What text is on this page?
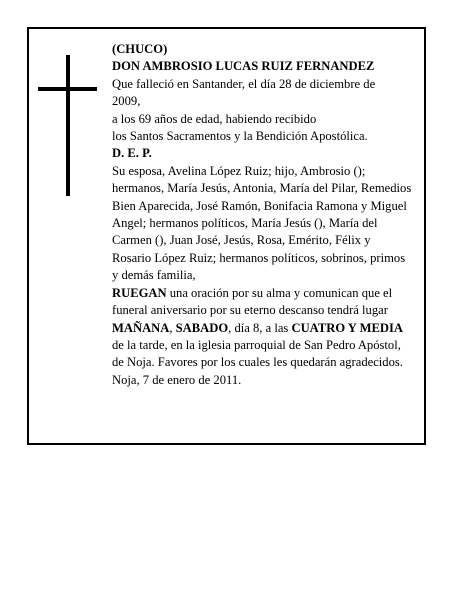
(CHUCO)

DON AMBROSIO LUCAS RUIZ FERNANDEZ

Que falleció en Santander, el día 28 de diciembre de

2009,

a los 69 años de edad, habiendo recibido

los Santos Sacramentos y la Bendición Apostólica.

D. E. P.

Su esposa, Avelina López Ruiz; hijo, Ambrosio (); hermanos, María Jesús, Antonia, María del Pilar, Remedios Bien Aparecida, José Ramón, Bonifacia Ramona y Miguel Angel; hermanos políticos, María Jesús (), María del Carmen (), Juan José, Jesús, Rosa, Emérito, Félix y Rosario López Ruiz; hermanos políticos, sobrinos, primos y demás familia,

RUEGAN una oración por su alma y comunican que el funeral aniversario por su eterno descanso tendrá lugar MAÑANA, SABADO, día 8, a las CUATRO Y MEDIA de la tarde, en la iglesia parroquial de San Pedro Apóstol, de Noja. Favores por los cuales les quedarán agradecidos.

Noja, 7 de enero de 2011.
